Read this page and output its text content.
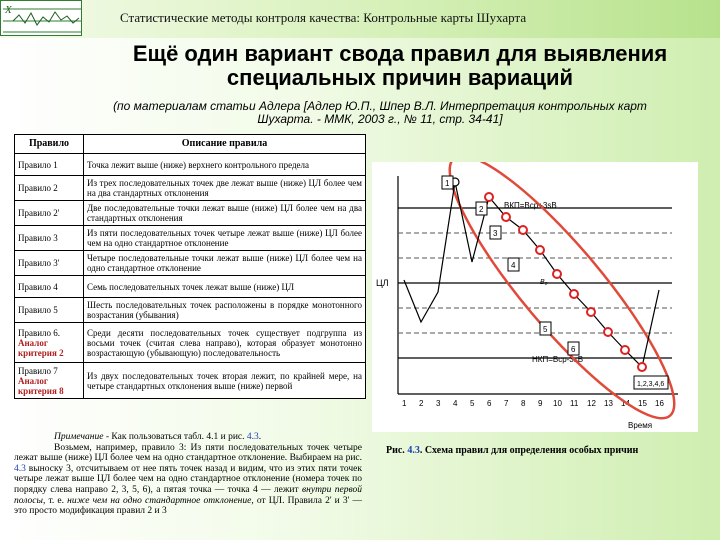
X	Статистические методы контроля качества: Контрольные карты Шухарта
Ещё один вариант свода правил для выявления
специальных причин вариаций
(по материалам статьи Адлера [Адлер Ю.П., Шпер В.Л. Интерпретация контрольных карт
Шухарта. - ММК, 2003 г., № 11, стр. 34-41]
Правило	Описание правила
Правило 1	Точка лежит выше (ниже) верхнего контрольного предела
Правило 2	Из трех последовательных точек две лежат выше (ниже) ЦЛ более чем на два стандартных отклонения
Правило 2'	Две последовательные точки лежат выше (ниже) ЦЛ более чем на два стандартных отклонения
Правило 3	Из пяти последовательных точек четыре лежат выше (ниже) ЦЛ более чем на одно стандартное отклонение
Правило 3'	Четыре последовательные точки лежат выше (ниже) ЦЛ более чем на одно стандартное отклонение
Правило 4	Семь последовательных точек лежат выше (ниже) ЦЛ
Правило 5	Шесть последовательных точек расположены в порядке монотонного возрастания (убывания)

Правило 6.
Аналог критерия 2	Среди десяти последовательных точек существует подгруппа из восьми точек (считая слева направо), которая образует монотонно возрастающую (убывающую) последовательность

Правило 7
Аналог критерия 8	Из двух последовательных точек вторая лежит, по крайней мере, на четыре стандартных отклонения выше (ниже) первой
Примечание - Как пользоваться табл. 4.1 и рис. 4.3.
Возьмем, например, правило 3: Из пяти последовательных точек четыре лежат выше (ниже) ЦЛ более чем на одно стандартное отклонение. Выбираем на рис. 4.3 выноску 3, отсчитываем от нее пять точек назад и видим, что из этих пяти точек четыре лежат выше ЦЛ более чем на одно стандартное отклонение (номера точек по порядку слева направо 2, 3, 5, 6), а пятая точка — точка 4 — лежит внутри первой полосы, т. е. ниже чем на одно стандартное отклонение, от ЦЛ. Правила 2' и 3' — это просто модификация правил 2 и 3
ВКП=Bср+3sB
ЦЛ	B₀
НКП=Bср-3sB
Время
1 2 3 4 5 6 7 8 9 10 11 12 13 14 15 16
1
2
3
4
5
6
1,2,3,4,6
Рис. 4.3. Схема правил для определения особых причин
